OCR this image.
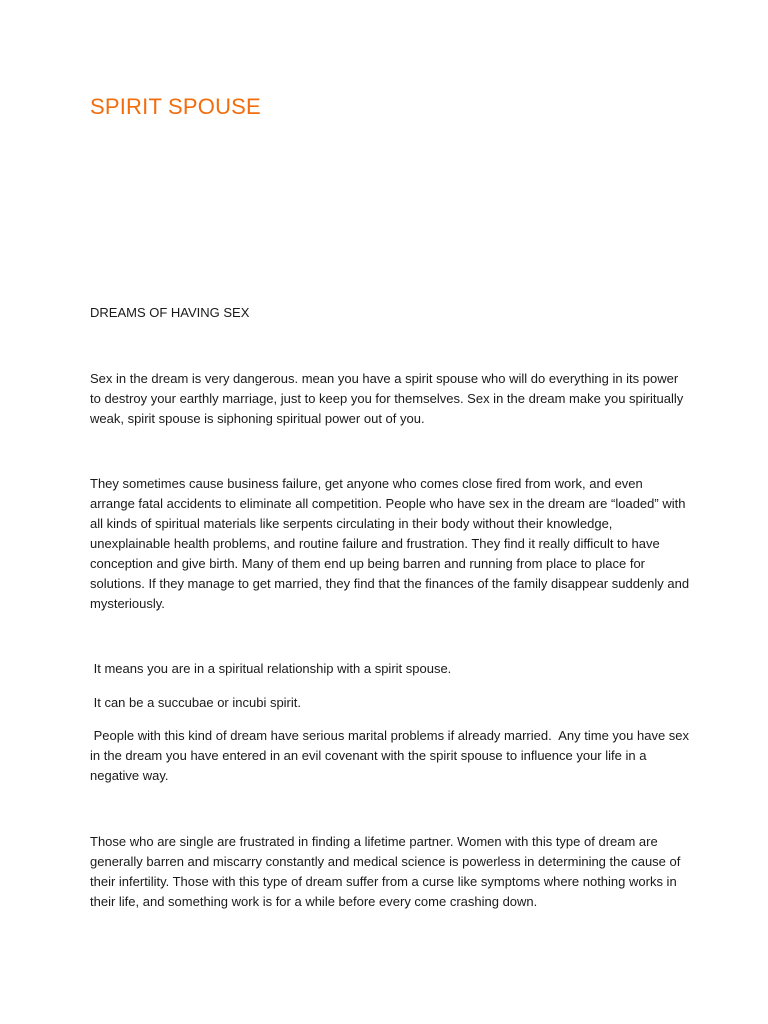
SPIRIT SPOUSE

DREAMS OF HAVING SEX

Sex in the dream is very dangerous. mean you have a spirit spouse who will do everything in its power to destroy your earthly marriage, just to keep you for themselves. Sex in the dream make you spiritually weak, spirit spouse is siphoning spiritual power out of you.

They sometimes cause business failure, get anyone who comes close fired from work, and even arrange fatal accidents to eliminate all competition. People who have sex in the dream are “loaded” with all kinds of spiritual materials like serpents circulating in their body without their knowledge, unexplainable health problems, and routine failure and frustration. They find it really difficult to have conception and give birth. Many of them end up being barren and running from place to place for solutions. If they manage to get married, they find that the finances of the family disappear suddenly and mysteriously.

It means you are in a spiritual relationship with a spirit spouse.

It can be a succubae or incubi spirit.

People with this kind of dream have serious marital problems if already married.  Any time you have sex in the dream you have entered in an evil covenant with the spirit spouse to influence your life in a negative way.

Those who are single are frustrated in finding a lifetime partner. Women with this type of dream are generally barren and miscarry constantly and medical science is powerless in determining the cause of their infertility. Those with this type of dream suffer from a curse like symptoms where nothing works in their life, and something work is for a while before every come crashing down.
